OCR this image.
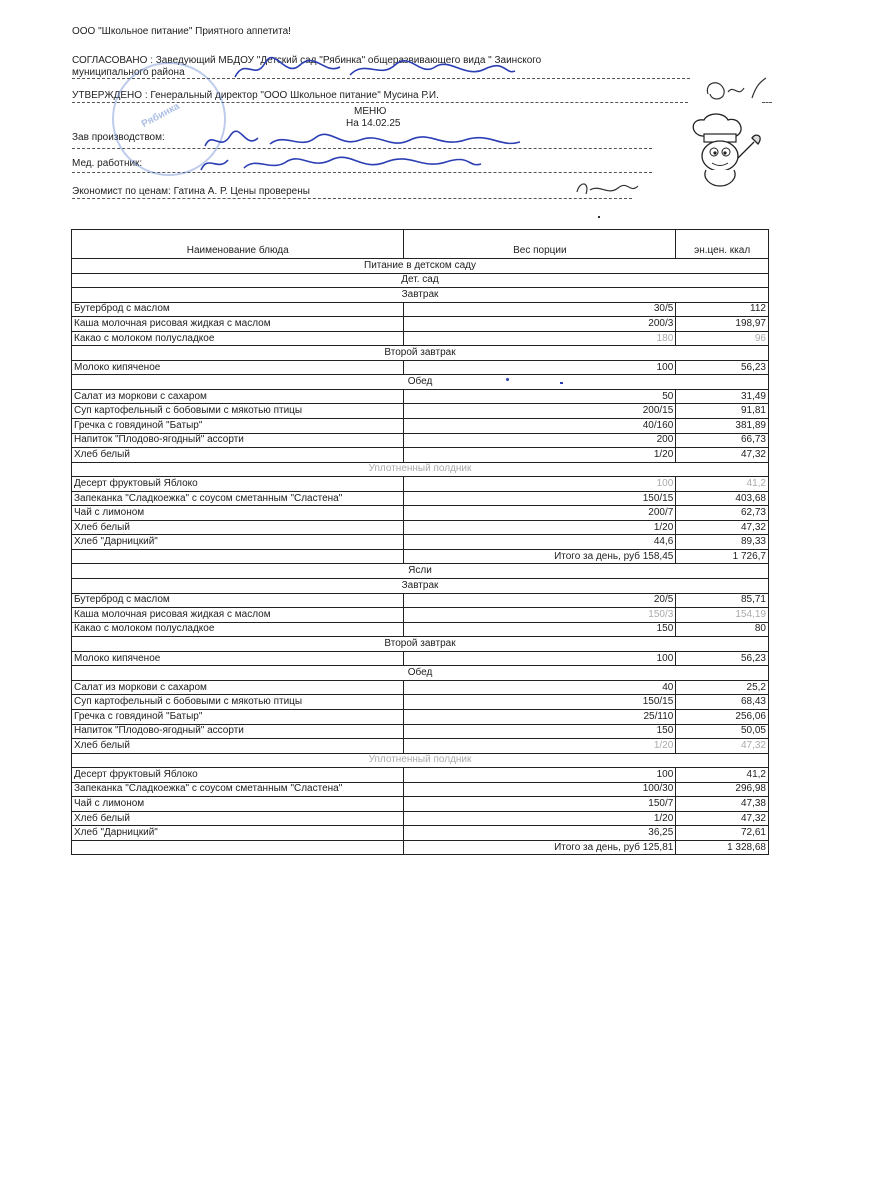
ООО "Школьное питание" Приятного аппетита!
СОГЛАСОВАНО : Заведующий МБДОУ "Детский сад "Рябинка" общеразвивающего вида " Заинского
муниципального района
УТВЕРЖДЕНО : Генеральный директор "ООО Школьное питание" Мусина Р.И.
МЕНЮ
На 14.02.25
Зав производством:
Мед. работник:
Экономист по ценам: Гатина А. Р. Цены проверены
Рябинка
Наименование блюда	Вес порции	эн.цен. ккал
Питание в детском саду		
Дет. сад		
Завтрак		
Бутерброд с маслом	30/5	112
Каша молочная рисовая жидкая с маслом	200/3	198,97
Какао с молоком полусладкое	180	96
Второй завтрак		
Молоко кипяченое	100	56,23
Обед		
Салат из моркови с сахаром	50	31,49
Суп картофельный с бобовыми с мякотью птицы	200/15	91,81
Гречка с говядиной "Батыр"	40/160	381,89
Напиток "Плодово-ягодный" ассорти	200	66,73
Хлеб белый	1/20	47,32
Уплотненный полдник		
Десерт фруктовый Яблоко	100	41,2
Запеканка "Сладкоежка" с соусом сметанным "Сластена"	150/15	403,68
Чай с лимоном	200/7	62,73
Хлеб белый	1/20	47,32
Хлеб "Дарницкий"	44,6	89,33
	Итого за день, руб 158,45	1 726,7
Ясли		
Завтрак		
Бутерброд с маслом	20/5	85,71
Каша молочная рисовая жидкая с маслом	150/3	154,19
Какао с молоком полусладкое	150	80
Второй завтрак		
Молоко кипяченое	100	56,23
Обед		
Салат из моркови с сахаром	40	25,2
Суп картофельный с бобовыми с мякотью птицы	150/15	68,43
Гречка с говядиной "Батыр"	25/110	256,06
Напиток "Плодово-ягодный" ассорти	150	50,05
Хлеб белый	1/20	47,32
Уплотненный полдник		
Десерт фруктовый Яблоко	100	41,2
Запеканка "Сладкоежка" с соусом сметанным "Сластена"	100/30	296,98
Чай с лимоном	150/7	47,38
Хлеб белый	1/20	47,32
Хлеб "Дарницкий"	36,25	72,61
	Итого за день, руб 125,81	1 328,68
